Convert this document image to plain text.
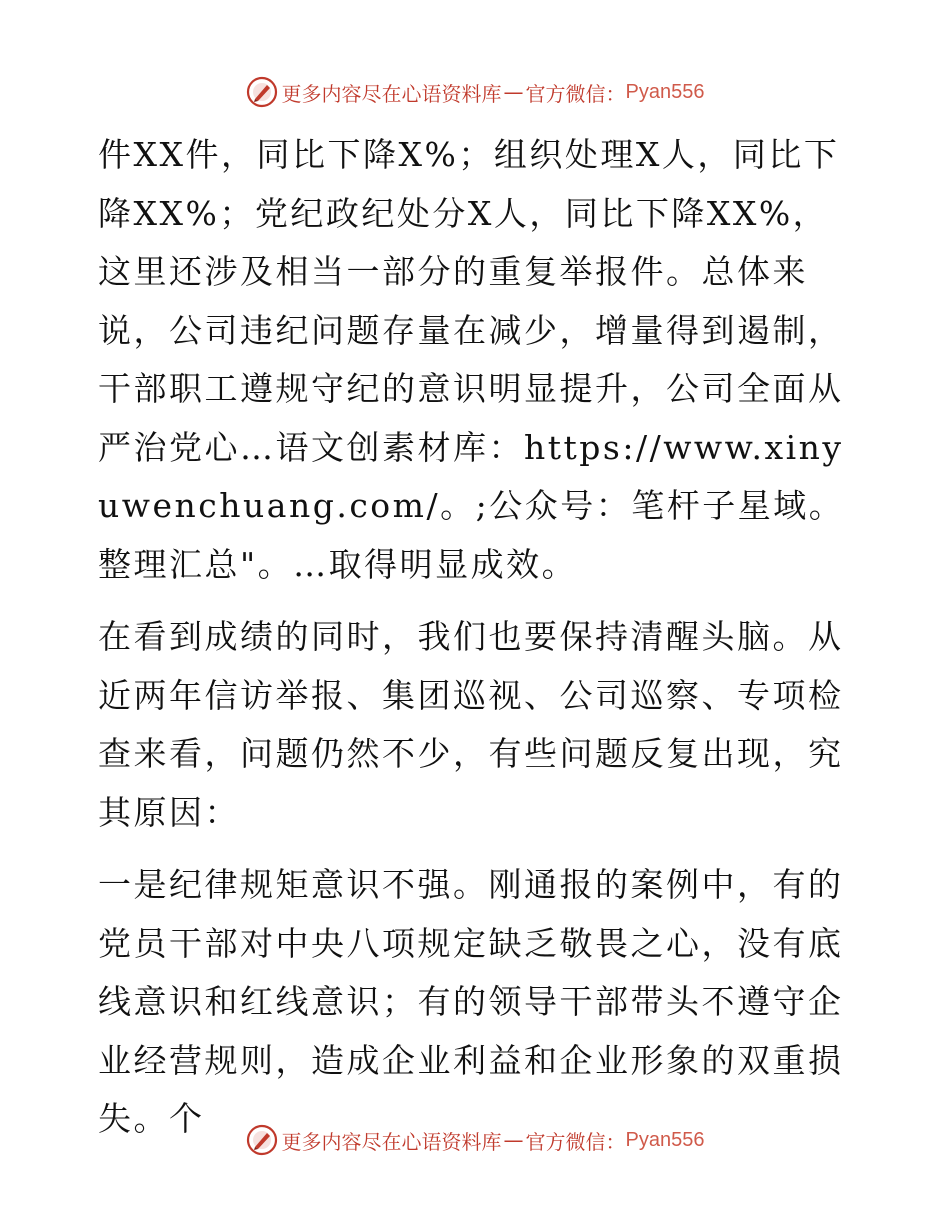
更多内容尽在心语资料库 — 官方微信： Pyan556

件XX件，同比下降X%；组织处理X人，同比下降XX%；党纪政纪处分X人，同比下降XX%，这里还涉及相当一部分的重复举报件。总体来说，公司违纪问题存量在减少，增量得到遏制，干部职工遵规守纪的意识明显提升，公司全面从严治党心…语文创素材库：https://www.xinyuwenchuang.com/。;公众号：笔杆子星域。整理汇总"。…取得明显成效。

在看到成绩的同时，我们也要保持清醒头脑。从近两年信访举报、集团巡视、公司巡察、专项检查来看，问题仍然不少，有些问题反复出现，究其原因：

一是纪律规矩意识不强。刚通报的案例中，有的党员干部对中央八项规定缺乏敬畏之心，没有底线意识和红线意识；有的领导干部带头不遵守企业经营规则，造成企业利益和企业形象的双重损失。个

更多内容尽在心语资料库 — 官方微信： Pyan556
